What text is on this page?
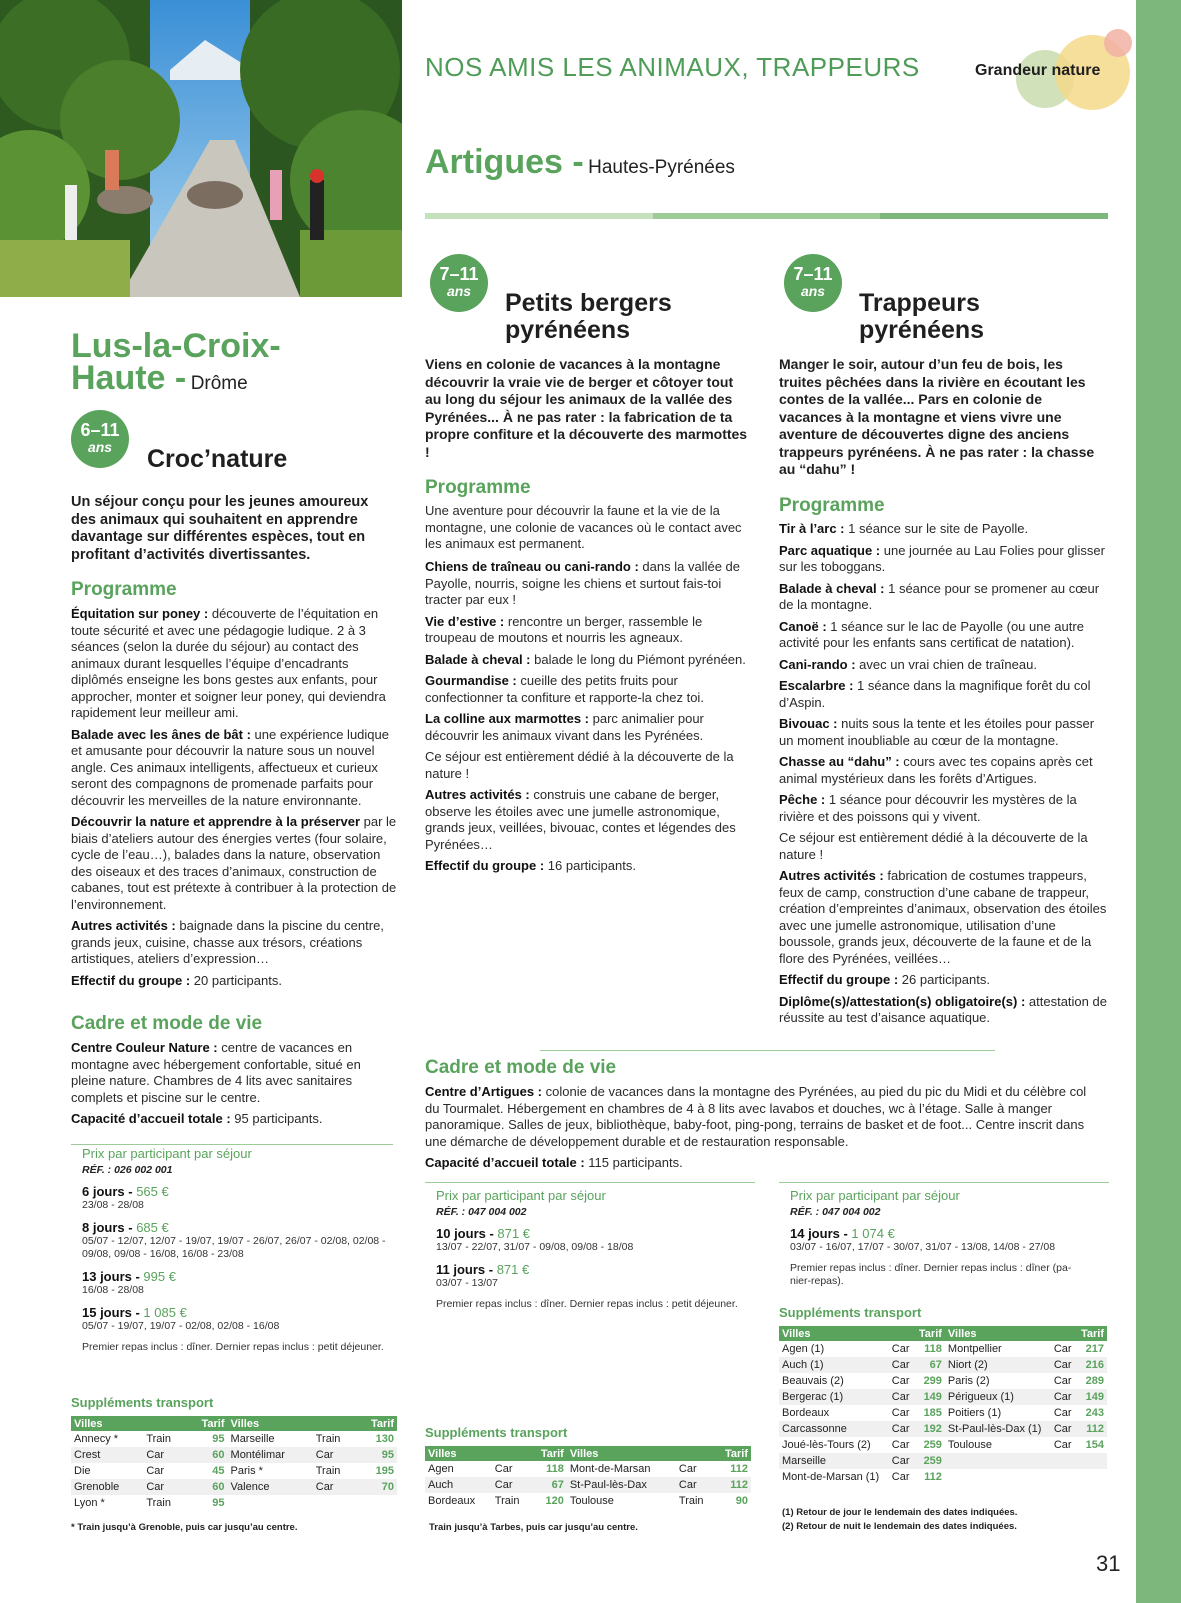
NOS AMIS LES ANIMAUX, TRAPPEURS	Grandeur nature
Artigues - Hautes-Pyrénées
Lus-la-Croix-
Haute - Drôme
6–11
ans	Croc’nature
Un séjour conçu pour les jeunes amoureux des animaux qui souhaitent en apprendre davantage sur différentes espèces, tout en profitant d’activités divertissantes.
Programme

Équitation sur poney : découverte de l’équitation en toute sécurité et avec une pédagogie ludique. 2 à 3 séances (selon la durée du séjour) au contact des animaux durant lesquelles l’équipe d’encadrants diplômés enseigne les bons gestes aux enfants, pour approcher, monter et soigner leur poney, qui deviendra rapidement leur meilleur ami.

Balade avec les ânes de bât : une expérience ludique et amusante pour découvrir la nature sous un nouvel angle. Ces animaux intelligents, affectueux et curieux seront des compagnons de promenade parfaits pour découvrir les merveilles de la nature environnante.

Découvrir la nature et apprendre à la préserver par le biais d’ateliers autour des énergies vertes (four solaire, cycle de l’eau…), balades dans la nature, observation des oiseaux et des traces d’animaux, construction de cabanes, tout est prétexte à contribuer à la protection de l’environnement.

Autres activités : baignade dans la piscine du centre, grands jeux, cuisine, chasse aux trésors, créations artistiques, ateliers d’expression…

Effectif du groupe : 20 participants.

Cadre et mode de vie

Centre Couleur Nature : centre de vacances en montagne avec hébergement confortable, situé en pleine nature. Chambres de 4 lits avec sanitaires complets et piscine sur le centre.

Capacité d’accueil totale : 95 participants.

Prix par participant par séjour
RÉF. : 026 002 001
6 jours - 565 €
23/08 - 28/08
8 jours - 685 €
05/07 - 12/07, 12/07 - 19/07, 19/07 - 26/07, 26/07 - 02/08, 02/08 - 09/08, 09/08 - 16/08, 16/08 - 23/08
13 jours - 995 €
16/08 - 28/08
15 jours - 1 085 €
05/07 - 19/07, 19/07 - 02/08, 02/08 - 16/08
Premier repas inclus : dîner. Dernier repas inclus : petit déjeuner.
Suppléments transport
Villes		Tarif	Villes		Tarif
Annecy *	Train	95	Marseille	Train	130
Crest	Car	60	Montélimar	Car	95
Die	Car	45	Paris *	Train	195
Grenoble	Car	60	Valence	Car	70
Lyon *	Train	95			
* Train jusqu’à Grenoble, puis car jusqu’au centre.
7–11
ans	Petits bergers
pyrénéens
Viens en colonie de vacances à la montagne découvrir la vraie vie de berger et côtoyer tout au long du séjour les animaux de la vallée des Pyrénées... À ne pas rater : la fabrication de ta propre confiture et la découverte des marmottes !
Programme
Une aventure pour découvrir la faune et la vie de la montagne, une colonie de vacances où le contact avec les animaux est permanent.

Chiens de traîneau ou cani-rando : dans la vallée de Payolle, nourris, soigne les chiens et surtout fais-toi tracter par eux !

Vie d’estive : rencontre un berger, rassemble le troupeau de moutons et nourris les agneaux.

Balade à cheval : balade le long du Piémont pyrénéen.

Gourmandise : cueille des petits fruits pour confectionner ta confiture et rapporte-la chez toi.

La colline aux marmottes : parc animalier pour découvrir les animaux vivant dans les Pyrénées.

Ce séjour est entièrement dédié à la découverte de la nature !

Autres activités : construis une cabane de berger, observe les étoiles avec une jumelle astronomique, grands jeux, veillées, bivouac, contes et légendes des Pyrénées…

Effectif du groupe : 16 participants.

7–11
ans	Trappeurs
pyrénéens
Manger le soir, autour d’un feu de bois, les truites pêchées dans la rivière en écoutant les contes de la vallée... Pars en colonie de vacances à la montagne et viens vivre une aventure de découvertes digne des anciens trappeurs pyrénéens. À ne pas rater : la chasse au “dahu” !
Programme

Tir à l’arc : 1 séance sur le site de Payolle.

Parc aquatique : une journée au Lau Folies pour glisser sur les toboggans.

Balade à cheval : 1 séance pour se promener au cœur de la montagne.

Canoë : 1 séance sur le lac de Payolle (ou une autre activité pour les enfants sans certificat de natation).

Cani-rando : avec un vrai chien de traîneau.

Escalarbre : 1 séance dans la magnifique forêt du col d’Aspin.

Bivouac : nuits sous la tente et les étoiles pour passer un moment inoubliable au cœur de la montagne.

Chasse au “dahu” : cours avec tes copains après cet animal mystérieux dans les forêts d’Artigues.

Pêche : 1 séance pour découvrir les mystères de la rivière et des poissons qui y vivent.

Ce séjour est entièrement dédié à la découverte de la nature !

Autres activités : fabrication de costumes trappeurs, feux de camp, construction d’une cabane de trappeur, création d’empreintes d’animaux, observation des étoiles avec une jumelle astronomique, utilisation d’une boussole, grands jeux, découverte de la faune et de la flore des Pyrénées, veillées…

Effectif du groupe : 26 participants.

Diplôme(s)/attestation(s) obligatoire(s) : attestation de réussite au test d’aisance aquatique.

Cadre et mode de vie

Centre d’Artigues : colonie de vacances dans la montagne des Pyrénées, au pied du pic du Midi et du célèbre col du Tourmalet. Hébergement en chambres de 4 à 8 lits avec lavabos et douches, wc à l’étage. Salle à manger panoramique. Salles de jeux, bibliothèque, baby-foot, ping-pong, terrains de basket et de foot... Centre inscrit dans une démarche de développement durable et de restauration responsable.

Capacité d’accueil totale : 115 participants.

Prix par participant par séjour
RÉF. : 047 004 002
10 jours - 871 €
13/07 - 22/07, 31/07 - 09/08, 09/08 - 18/08
11 jours - 871 €
03/07 - 13/07
Premier repas inclus : dîner. Dernier repas inclus : petit déjeuner.
Prix par participant par séjour
RÉF. : 047 004 002
14 jours - 1 074 €
03/07 - 16/07, 17/07 - 30/07, 31/07 - 13/08, 14/08 - 27/08
Premier repas inclus : dîner. Dernier repas inclus : dîner (pa-nier-repas).
Suppléments transport
Villes		Tarif	Villes		Tarif
Agen	Car	118	Mont-de-Marsan	Car	112
Auch	Car	67	St-Paul-lès-Dax	Car	112
Bordeaux	Train	120	Toulouse	Train	90
Train jusqu’à Tarbes, puis car jusqu’au centre.
Suppléments transport
Villes		Tarif	Villes		Tarif
Agen (1)	Car	118	Montpellier	Car	217
Auch (1)	Car	67	Niort (2)	Car	216
Beauvais (2)	Car	299	Paris (2)	Car	289
Bergerac (1)	Car	149	Périgueux (1)	Car	149
Bordeaux	Car	185	Poitiers (1)	Car	243
Carcassonne	Car	192	St-Paul-lès-Dax (1)	Car	112
Joué-lès-Tours (2)	Car	259	Toulouse	Car	154
Marseille	Car	259			
Mont-de-Marsan (1)	Car	112			
(1) Retour de jour le lendemain des dates indiquées.
(2) Retour de nuit le lendemain des dates indiquées.
31
